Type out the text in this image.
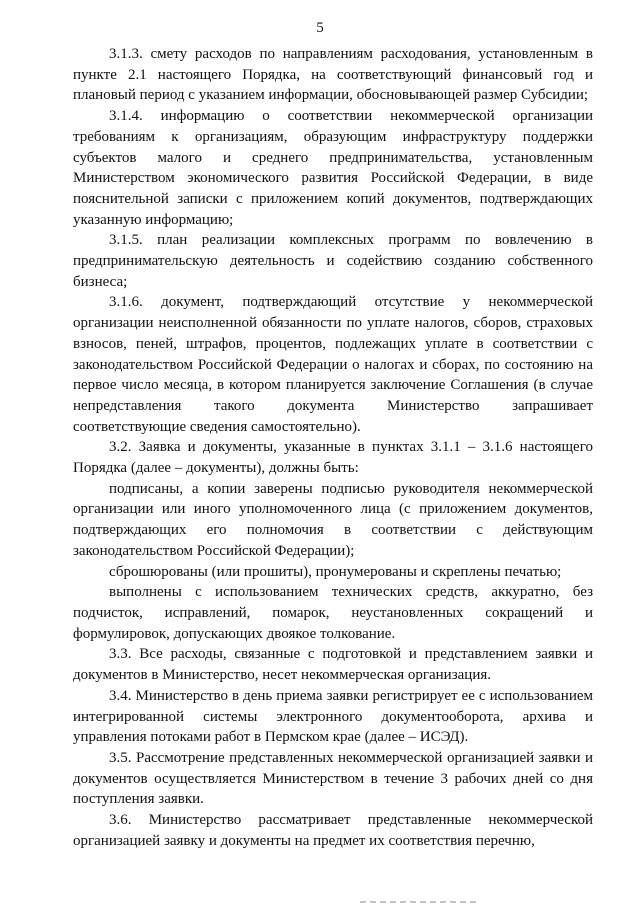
5

3.1.3. смету расходов по направлениям расходования, установленным в пункте 2.1 настоящего Порядка, на соответствующий финансовый год и плановый период с указанием информации, обосновывающей размер Субсидии;

3.1.4. информацию о соответствии некоммерческой организации требованиям к организациям, образующим инфраструктуру поддержки субъектов малого и среднего предпринимательства, установленным Министерством экономического развития Российской Федерации, в виде пояснительной записки с приложением копий документов, подтверждающих указанную информацию;

3.1.5. план реализации комплексных программ по вовлечению в предпринимательскую деятельность и содействию созданию собственного бизнеса;

3.1.6. документ, подтверждающий отсутствие у некоммерческой организации неисполненной обязанности по уплате налогов, сборов, страховых взносов, пеней, штрафов, процентов, подлежащих уплате в соответствии с законодательством Российской Федерации о налогах и сборах, по состоянию на первое число месяца, в котором планируется заключение Соглашения (в случае непредставления такого документа Министерство запрашивает соответствующие сведения самостоятельно).

3.2. Заявка и документы, указанные в пунктах 3.1.1 – 3.1.6 настоящего Порядка (далее – документы), должны быть:

подписаны, а копии заверены подписью руководителя некоммерческой организации или иного уполномоченного лица (с приложением документов, подтверждающих его полномочия в соответствии с действующим законодательством Российской Федерации);

сброшюрованы (или прошиты), пронумерованы и скреплены печатью;

выполнены с использованием технических средств, аккуратно, без подчисток, исправлений, помарок, неустановленных сокращений и формулировок, допускающих двоякое толкование.

3.3. Все расходы, связанные с подготовкой и представлением заявки и документов в Министерство, несет некоммерческая организация.

3.4. Министерство в день приема заявки регистрирует ее с использованием интегрированной системы электронного документооборота, архива и управления потоками работ в Пермском крае (далее – ИСЭД).

3.5. Рассмотрение представленных некоммерческой организацией заявки и документов осуществляется Министерством в течение 3 рабочих дней со дня поступления заявки.

3.6. Министерство рассматривает представленные некоммерческой организацией заявку и документы на предмет их соответствия перечню,
